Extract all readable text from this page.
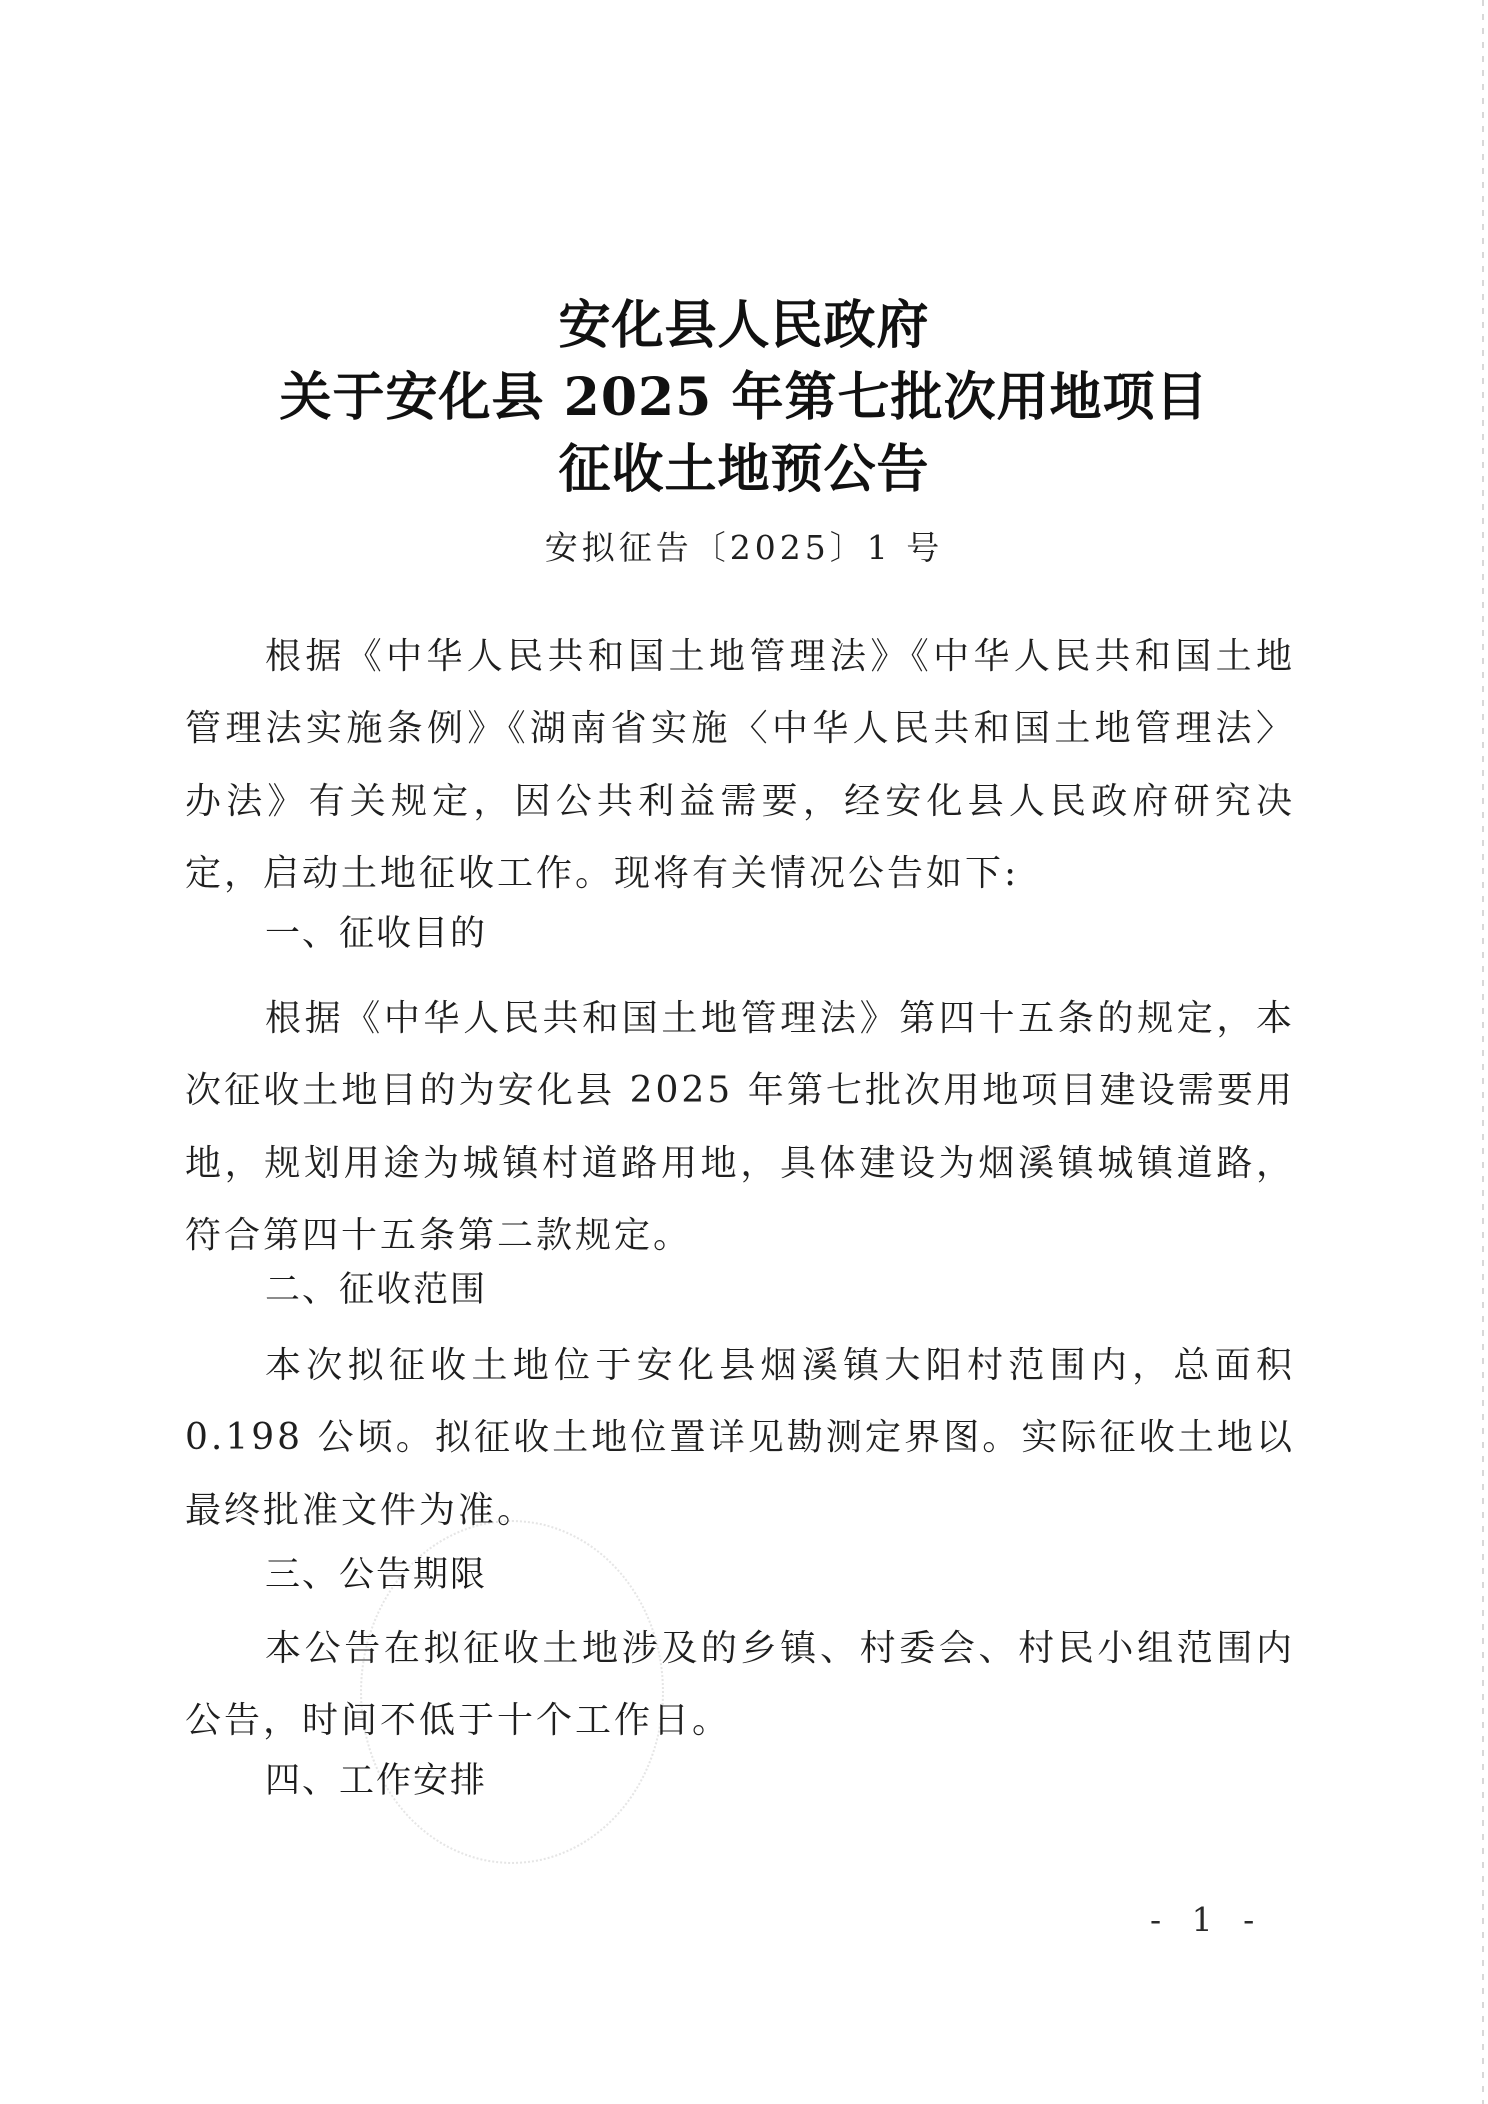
安化县人民政府
关于安化县 2025 年第七批次用地项目
征收土地预公告
安拟征告〔2025〕1 号

根据《中华人民共和国土地管理法》《中华人民共和国土地管理法实施条例》《湖南省实施〈中华人民共和国土地管理法〉办法》有关规定，因公共利益需要，经安化县人民政府研究决定，启动土地征收工作。现将有关情况公告如下:

一、征收目的

根据《中华人民共和国土地管理法》第四十五条的规定，本次征收土地目的为安化县 2025 年第七批次用地项目建设需要用地，规划用途为城镇村道路用地，具体建设为烟溪镇城镇道路，符合第四十五条第二款规定。

二、征收范围

本次拟征收土地位于安化县烟溪镇大阳村范围内，总面积 0.198 公顷。拟征收土地位置详见勘测定界图。实际征收土地以最终批准文件为准。

三、公告期限

本公告在拟征收土地涉及的乡镇、村委会、村民小组范围内公告，时间不低于十个工作日。

四、工作安排
- 1 -
